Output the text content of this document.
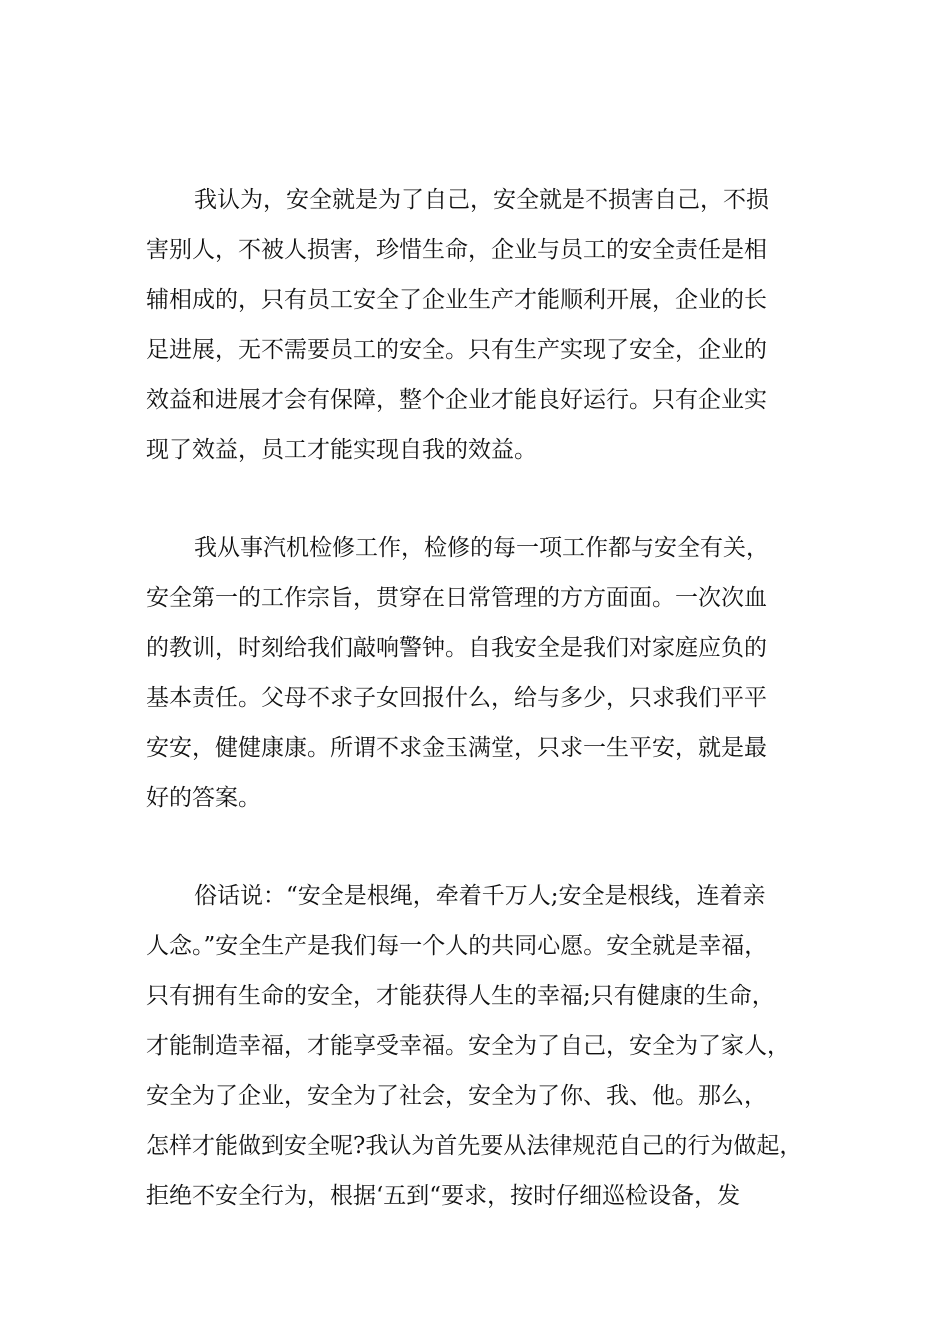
我认为，安全就是为了自己，安全就是不损害自己，不损
害别人，不被人损害，珍惜生命，企业与员工的安全责任是相
辅相成的，只有员工安全了企业生产才能顺利开展，企业的长
足进展，无不需要员工的安全。只有生产实现了安全，企业的
效益和进展才会有保障，整个企业才能良好运行。只有企业实
现了效益，员工才能实现自我的效益。
我从事汽机检修工作，检修的每一项工作都与安全有关，
安全第一的工作宗旨，贯穿在日常管理的方方面面。一次次血
的教训，时刻给我们敲响警钟。自我安全是我们对家庭应负的
基本责任。父母不求子女回报什么，给与多少，只求我们平平
安安，健健康康。所谓不求金玉满堂，只求一生平安，就是最
好的答案。
俗话说：“安全是根绳，牵着千万人;安全是根线，连着亲
人念。”安全生产是我们每一个人的共同心愿。安全就是幸福，
只有拥有生命的安全，才能获得人生的幸福;只有健康的生命，
才能制造幸福，才能享受幸福。安全为了自己，安全为了家人，
安全为了企业，安全为了社会，安全为了你、我、他。那么，
怎样才能做到安全呢?我认为首先要从法律规范自己的行为做起，
拒绝不安全行为，根据‘五到“要求，按时仔细巡检设备，发
